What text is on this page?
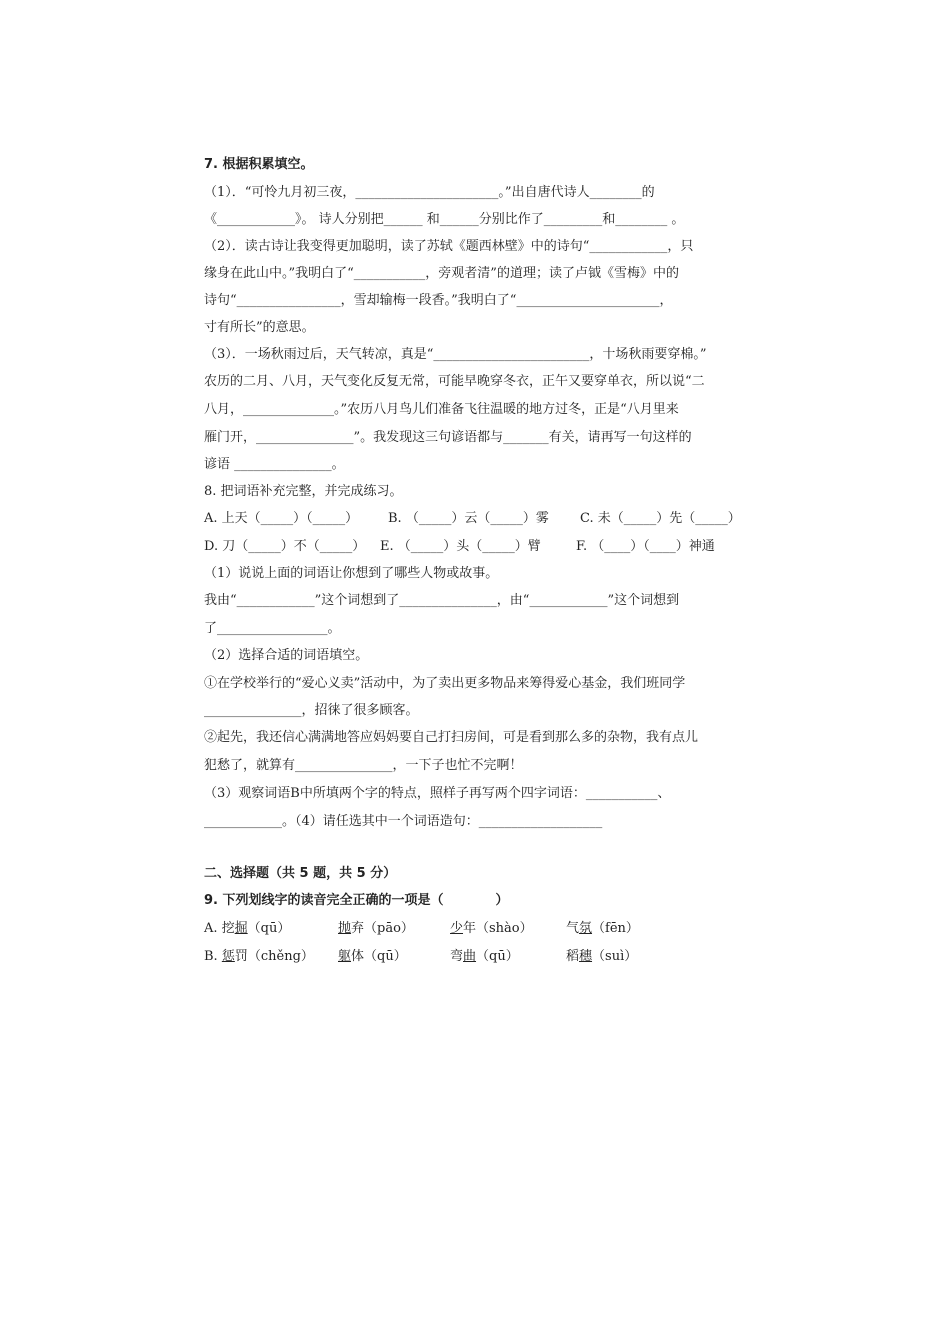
7. 根据积累填空。
（1）．“可怜九月初三夜，______________________。”出自唐代诗人________的
《____________》。 诗人分别把______ 和______分别比作了_________和________ 。
（2）．读古诗让我变得更加聪明，读了苏轼《题西林壁》中的诗句“____________，只
缘身在此山中。”我明白了“___________，旁观者清”的道理；读了卢钺《雪梅》中的
诗句“________________，雪却输梅一段香。”我明白了“______________________，
寸有所长”的意思。
（3）．一场秋雨过后，天气转凉，真是“________________________，十场秋雨要穿棉。”
农历的二月、八月，天气变化反复无常，可能早晚穿冬衣，正午又要穿单衣，所以说“二
八月，______________。”农历八月鸟儿们准备飞往温暖的地方过冬，正是“八月里来
雁门开，_______________”。我发现这三句谚语都与_______有关，请再写一句这样的
谚语 _______________。
8. 把词语补充完整，并完成练习。
A. 上天（_____）（_____） B. （_____）云（_____）雾 C. 未（_____）先（_____）
D. 刀（_____）不（_____） E. （_____）头（_____）臂	F. （____）（____）神通
（1）说说上面的词语让你想到了哪些人物或故事。
我由“____________”这个词想到了_______________，由“____________”这个词想到
了_________________。
（2）选择合适的词语填空。
①在学校举行的“爱心义卖”活动中，为了卖出更多物品来筹得爱心基金，我们班同学
_______________，招徕了很多顾客。
②起先，我还信心满满地答应妈妈要自己打扫房间，可是看到那么多的杂物，我有点儿
犯愁了，就算有_______________，一下子也忙不完啊！
（3）观察词语B中所填两个字的特点，照样子再写两个四字词语：___________、
____________。（4）请任选其中一个词语造句：___________________
二、选择题（共 5 题，共 5 分）
9. 下列划线字的读音完全正确的一项是（　　　　）
A. 挖掘（qū）	抛弃（pāo）	少年（shào）	气氛（fēn）
B. 惩罚（chěng） 躯体（qū）	弯曲（qū）	稻穗（suì）
